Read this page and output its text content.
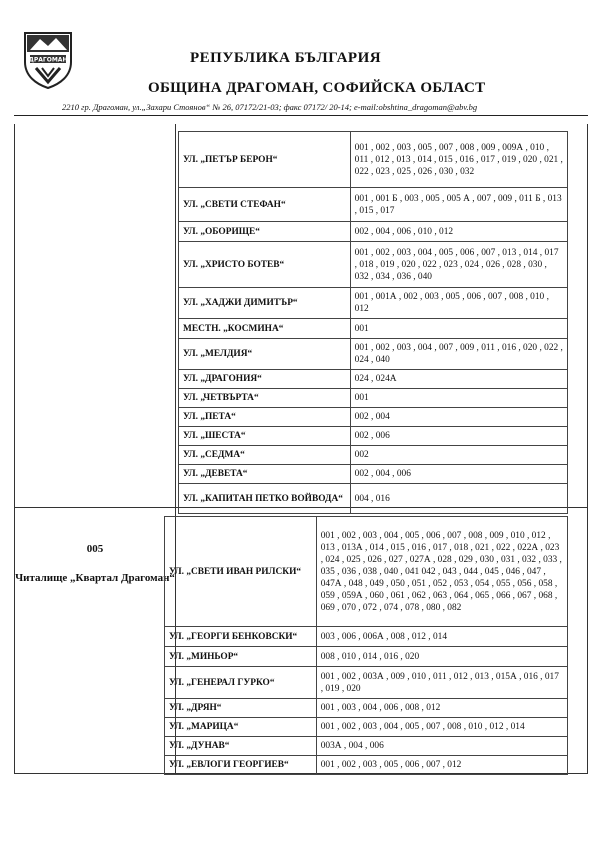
ДРАГОМАН	РЕПУБЛИКА БЪЛГАРИЯ
ОБЩИНА ДРАГОМАН, СОФИЙСКА ОБЛАСТ
2210 гр. Драгоман, ул.„Захари Стоянов“ № 26, 07172/21-03; факс 07172/ 20-14; e-mail:obshtina_dragoman@abv.bg
005
Читалище „Квартал Драгоман“
УЛ. „ПЕТЪР БЕРОН“	001 , 002 , 003 , 005 , 007 , 008 , 009 , 009А , 010 , 011 , 012 , 013 , 014 , 015 , 016 , 017 , 019 , 020 , 021 , 022 , 023 , 025 , 026 , 030 , 032
УЛ. „СВЕТИ СТЕФАН“	001 , 001 Б , 003 , 005 , 005 А , 007 , 009 , 011 Б , 013 , 015 , 017
УЛ. „ОБОРИЩЕ“	002 , 004 , 006 , 010 , 012
УЛ. „ХРИСТО БОТЕВ“	001 , 002 , 003 , 004 , 005 , 006 , 007 , 013 , 014 , 017 , 018 , 019 , 020 , 022 , 023 , 024 , 026 , 028 , 030 , 032 , 034 , 036 , 040
УЛ. „ХАДЖИ ДИМИТЪР“	001 , 001А , 002 , 003 , 005 , 006 , 007 , 008 , 010 , 012
МЕСТН. „КОСМИНА“	001
УЛ. „МЕЛДИЯ“	001 , 002 , 003 , 004 , 007 , 009 , 011 , 016 , 020 , 022 , 024 , 040
УЛ. „ДРАГОНИЯ“	024 , 024А
УЛ. „ЧЕТВЪРТА“	001
УЛ. „ПЕТА“	002 , 004
УЛ. „ШЕСТА“	002 , 006
УЛ. „СЕДМА“	002
УЛ. „ДЕВЕТА“	002 , 004 , 006
УЛ. „КАПИТАН ПЕТКО ВОЙВОДА“	004 , 016
УЛ. „СВЕТИ ИВАН РИЛСКИ“	001 , 002 , 003 , 004 , 005 , 006 , 007 , 008 , 009 , 010 , 012 , 013 , 013А , 014 , 015 , 016 , 017 , 018 , 021 , 022 , 022А , 023 , 024 , 025 , 026 , 027 , 027А , 028 , 029 , 030 , 031 , 032 , 033 , 035 , 036 , 038 , 040 , 041 042 , 043 , 044 , 045 , 046 , 047 , 047А , 048 , 049 , 050 , 051 , 052 , 053 , 054 , 055 , 056 , 058 , 059 , 059А , 060 , 061 , 062 , 063 , 064 , 065 , 066 , 067 , 068 , 069 , 070 , 072 , 074 , 078 , 080 , 082
УЛ. „ГЕОРГИ БЕНКОВСКИ“	003 , 006 , 006А , 008 , 012 , 014
УЛ. „МИНЬОР“	008 , 010 , 014 , 016 , 020
УЛ. „ГЕНЕРАЛ ГУРКО“	001 , 002 , 003А , 009 , 010 , 011 , 012 , 013 , 015А , 016 , 017 , 019 , 020
УЛ. „ДРЯН“	001 , 003 , 004 , 006 , 008 , 012
УЛ. „МАРИЦА“	001 , 002 , 003 , 004 , 005 , 007 , 008 , 010 , 012 , 014
УЛ. „ДУНАВ“	003А , 004 , 006
УЛ. „ЕВЛОГИ ГЕОРГИЕВ“	001 , 002 , 003 , 005 , 006 , 007 , 012
